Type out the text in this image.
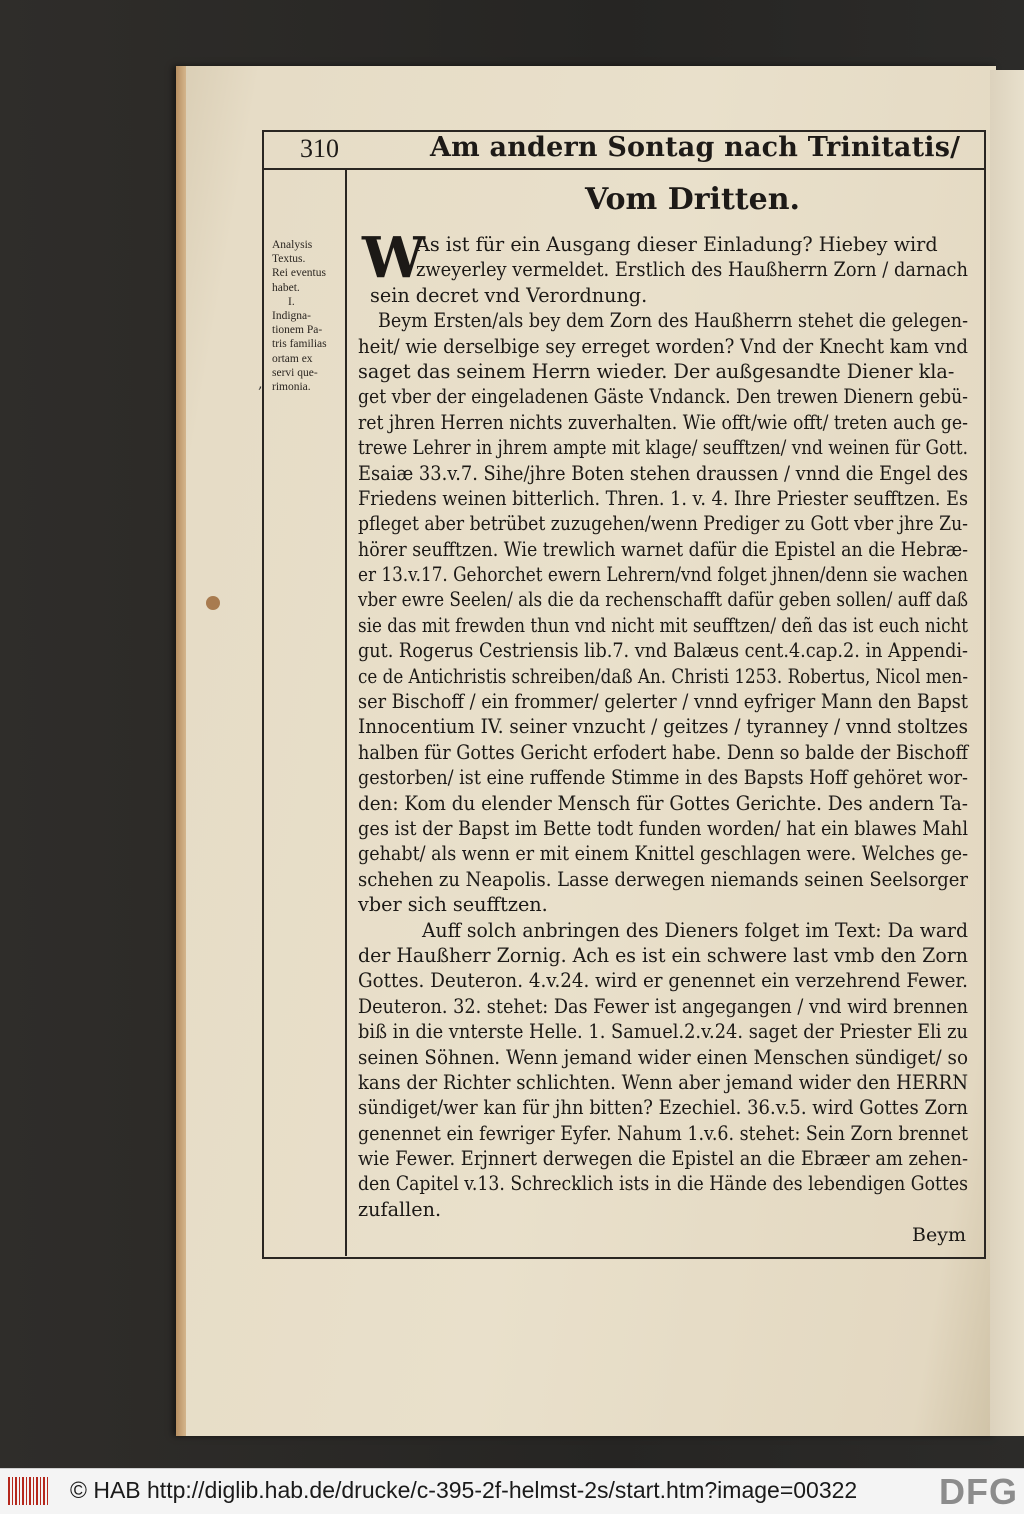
‚
310	Am andern Sontag nach Trinitatis/
Vom Dritten.
Analysis
Textus.
Rei eventus
habet.
I.
Indigna-
tionem Pa-
tris familias
ortam ex
servi que-
rimonia.
W
As ist für ein Ausgang dieser Einladung? Hiebey wird
zweyerley vermeldet. Erstlich des Haußherrn Zorn / darnach
sein decret vnd Verordnung.
Beym Ersten/als bey dem Zorn des Haußherrn stehet die gelegen-
heit/ wie derselbige sey erreget worden? Vnd der Knecht kam vnd
saget das seinem Herrn wieder. Der außgesandte Diener kla-
get vber der eingeladenen Gäste Vndanck. Den trewen Dienern gebü-
ret jhren Herren nichts zuverhalten. Wie offt/wie offt/ treten auch ge-
trewe Lehrer in jhrem ampte mit klage/ seufftzen/ vnd weinen für Gott.
Esaiæ 33.v.7. Sihe/jhre Boten stehen draussen / vnnd die Engel des
Friedens weinen bitterlich. Thren. 1. v. 4. Ihre Priester seufftzen. Es
pfleget aber betrübet zuzugehen/wenn Prediger zu Gott vber jhre Zu-
hörer seufftzen. Wie trewlich warnet dafür die Epistel an die Hebræ-
er 13.v.17. Gehorchet ewern Lehrern/vnd folget jhnen/denn sie wachen
vber ewre Seelen/ als die da rechenschafft dafür geben sollen/ auff daß
sie das mit frewden thun vnd nicht mit seufftzen/ deñ das ist euch nicht
gut. Rogerus Cestriensis lib.7. vnd Balæus cent.4.cap.2. in Appendi-
ce de Antichristis schreiben/daß An. Christi 1253. Robertus, Nicol men-
ser Bischoff / ein frommer/ gelerter / vnnd eyfriger Mann den Bapst
Innocentium IV. seiner vnzucht / geitzes / tyranney / vnnd stoltzes
halben für Gottes Gericht erfodert habe. Denn so balde der Bischoff
gestorben/ ist eine ruffende Stimme in des Bapsts Hoff gehöret wor-
den: Kom du elender Mensch für Gottes Gerichte. Des andern Ta-
ges ist der Bapst im Bette todt funden worden/ hat ein blawes Mahl
gehabt/ als wenn er mit einem Knittel geschlagen were. Welches ge-
schehen zu Neapolis. Lasse derwegen niemands seinen Seelsorger
vber sich seufftzen.
Auff solch anbringen des Dieners folget im Text: Da ward
der Haußherr Zornig. Ach es ist ein schwere last vmb den Zorn
Gottes. Deuteron. 4.v.24. wird er genennet ein verzehrend Fewer.
Deuteron. 32. stehet: Das Fewer ist angegangen / vnd wird brennen
biß in die vnterste Helle. 1. Samuel.2.v.24. saget der Priester Eli zu
seinen Söhnen. Wenn jemand wider einen Menschen sündiget/ so
kans der Richter schlichten. Wenn aber jemand wider den HERRN
sündiget/wer kan für jhn bitten? Ezechiel. 36.v.5. wird Gottes Zorn
genennet ein fewriger Eyfer. Nahum 1.v.6. stehet: Sein Zorn brennet
wie Fewer. Erjnnert derwegen die Epistel an die Ebræer am zehen-
den Capitel v.13. Schrecklich ists in die Hände des lebendigen Gottes
zufallen.
Beym
© HAB http://diglib.hab.de/drucke/c-395-2f-helmst-2s/start.htm?image=00322 DFG
